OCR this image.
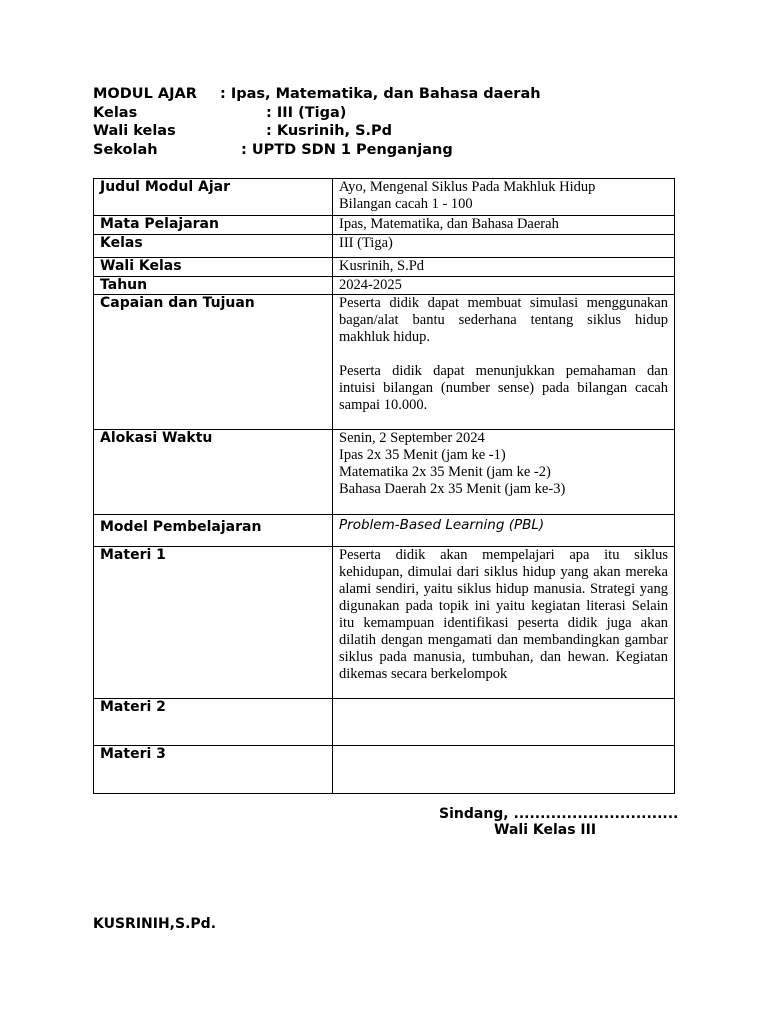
MODUL AJAR : Ipas, Matematika, dan Bahasa daerah
Kelas	: III (Tiga)
Wali kelas	: Kusrinih, S.Pd
Sekolah	: UPTD SDN 1 Penganjang
Judul Modul Ajar	Ayo, Mengenal Siklus Pada Makhluk Hidup
Bilangan cacah 1 - 100

Mata Pelajaran	Ipas, Matematika, dan Bahasa Daerah
Kelas	III (Tiga)
Wali Kelas	Kusrinih, S.Pd
Tahun	2024-2025
Capaian dan Tujuan	Peserta didik dapat membuat simulasi menggunakan bagan/alat bantu sederhana tentang siklus hidup makhluk hidup.
Peserta didik dapat menunjukkan pemahaman dan intuisi bilangan (number sense) pada bilangan cacah sampai 10.000.

Alokasi Waktu	Senin, 2 September 2024
Ipas 2x 35 Menit (jam ke -1)
Matematika 2x 35 Menit (jam ke -2)
Bahasa Daerah 2x 35 Menit (jam ke-3)

Model Pembelajaran	Problem-Based Learning (PBL)
Materi 1	Peserta didik akan mempelajari apa itu siklus kehidupan, dimulai dari siklus hidup yang akan mereka alami sendiri, yaitu siklus hidup manusia. Strategi yang digunakan pada topik ini yaitu kegiatan literasi Selain itu kemampuan identifikasi peserta didik juga akan dilatih dengan mengamati dan membandingkan gambar siklus pada manusia, tumbuhan, dan hewan. Kegiatan dikemas secara berkelompok

Materi 2	
Materi 3	
Sindang, ...............................
Wali Kelas III
KUSRINIH,S.Pd.
